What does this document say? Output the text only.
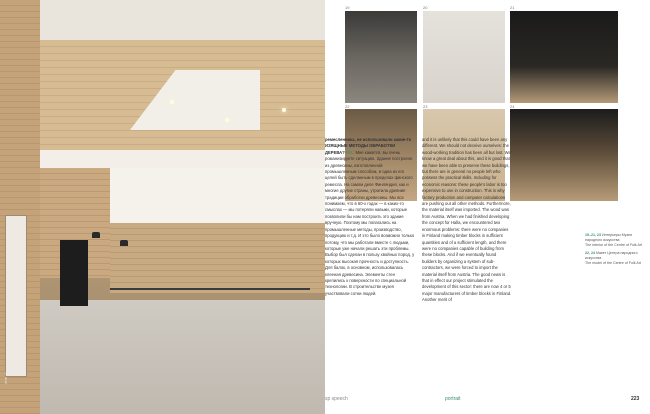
© photo
19	20	21
22	23	24

ремесленника, не использовали какие-то ИЗЯЩНЫЕ МЕТОДЫ ОБРАБОТКИ ДЕРЕВА? P.V.: Мне кажется, вы очень романизируете ситуацию. Здание построено из древесины, изготовленной промышленным способом, и одна из его целей быть сделанным в пределах финского ремесла. На самом деле Финляндия, как и многие другие страны, утратила древние традиции обработки древесины. Мы все понимаем, что в 60-х годах — в каких-то смыслах — мы потеряли навыки, которые позволили бы нам построить это здание вручную. Поэтому мы полагались на промышленные методы, производство, продукцию и т.д. И это было возможно только потому, что мы работали вместе с людьми, которые уже начали решать эти проблемы. Выбор был сделан в пользу хвойных пород, у которых высокая прочность и доступность. Для балок, в основном, использовалась клееная древесина. Элементы стен крепились к поверхности по специальной технологии. В строительстве музея участвовали сотни людей.

and it is unlikely that this could have been any different. We should not deceive ourselves: the wood-working tradition has been all but lost. We know a great deal about this, and it is good that we have been able to preserve these buildings, but there are in general no people left who possess the practical skills. Including for economic reasons: these people's labor is too expensive to use in construction. This is why factory production and computer calculations are pushing out all other methods. Furthermore, the material itself was imported. The wood was from Austria. When we had finished developing the concept for Halla, we encountered two enormous problems: there were no companies in Finland making timber blocks in sufficient quantities and of a sufficient length, and there were no companies capable of building from these blocks. And if we eventually found builders by organizing a system of sub-contractors, we were forced to import the material itself from Austria. The good news is that in effect our project stimulated the development of this sector: there are now 4 or 5 major manufacturers of timber blocks in Finland. Another merit of

19–21, 23 Интерьеры Музея народного искусства
The interior of the Centre of Folk Art
22, 24 Макет Центра народного искусства
The model of the Centre of Folk Art
sp speech	portrait	223
